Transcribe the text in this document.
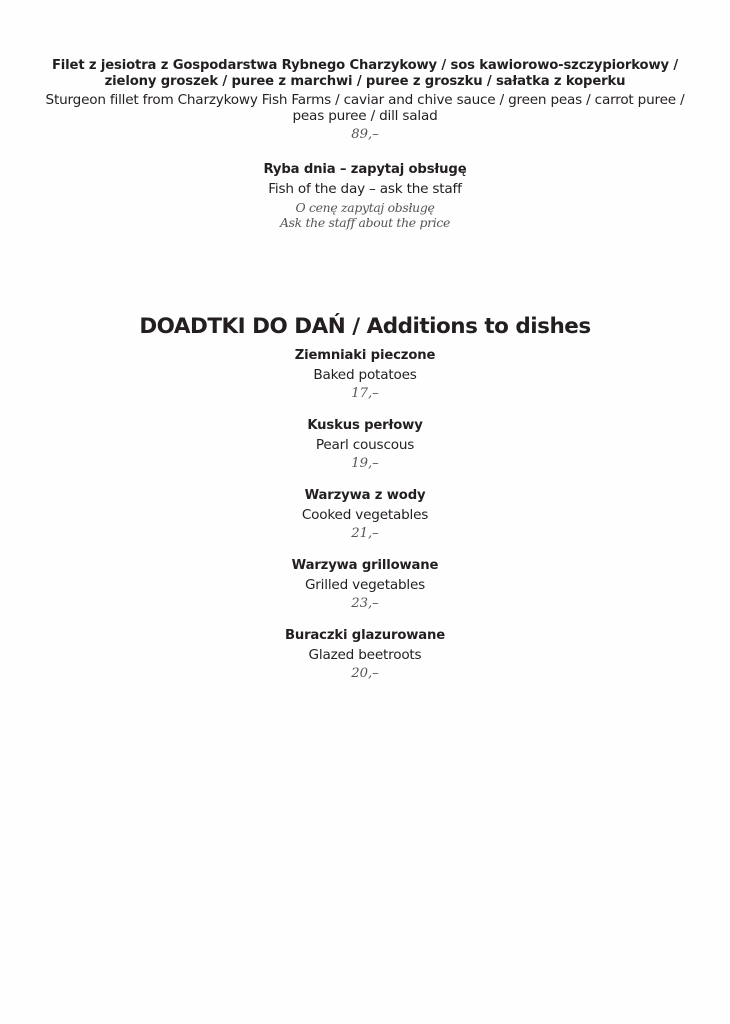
Filet z jesiotra z Gospodarstwa Rybnego Charzykowy / sos kawiorowo-szczypiorkowy / zielony groszek / puree z marchwi / puree z groszku / sałatka z koperku
Sturgeon fillet from Charzykowy Fish Farms / caviar and chive sauce / green peas / carrot puree / peas puree / dill salad
89,–
Ryba dnia – zapytaj obsługę
Fish of the day – ask the staff
O cenę zapytaj obsługę
Ask the staff about the price
DOADTKI DO DAŃ / Additions to dishes
Ziemniaki pieczone
Baked potatoes
17,–
Kuskus perłowy
Pearl couscous
19,–
Warzywa z wody
Cooked vegetables
21,–
Warzywa grillowane
Grilled vegetables
23,–
Buraczki glazurowane
Glazed beetroots
20,–
